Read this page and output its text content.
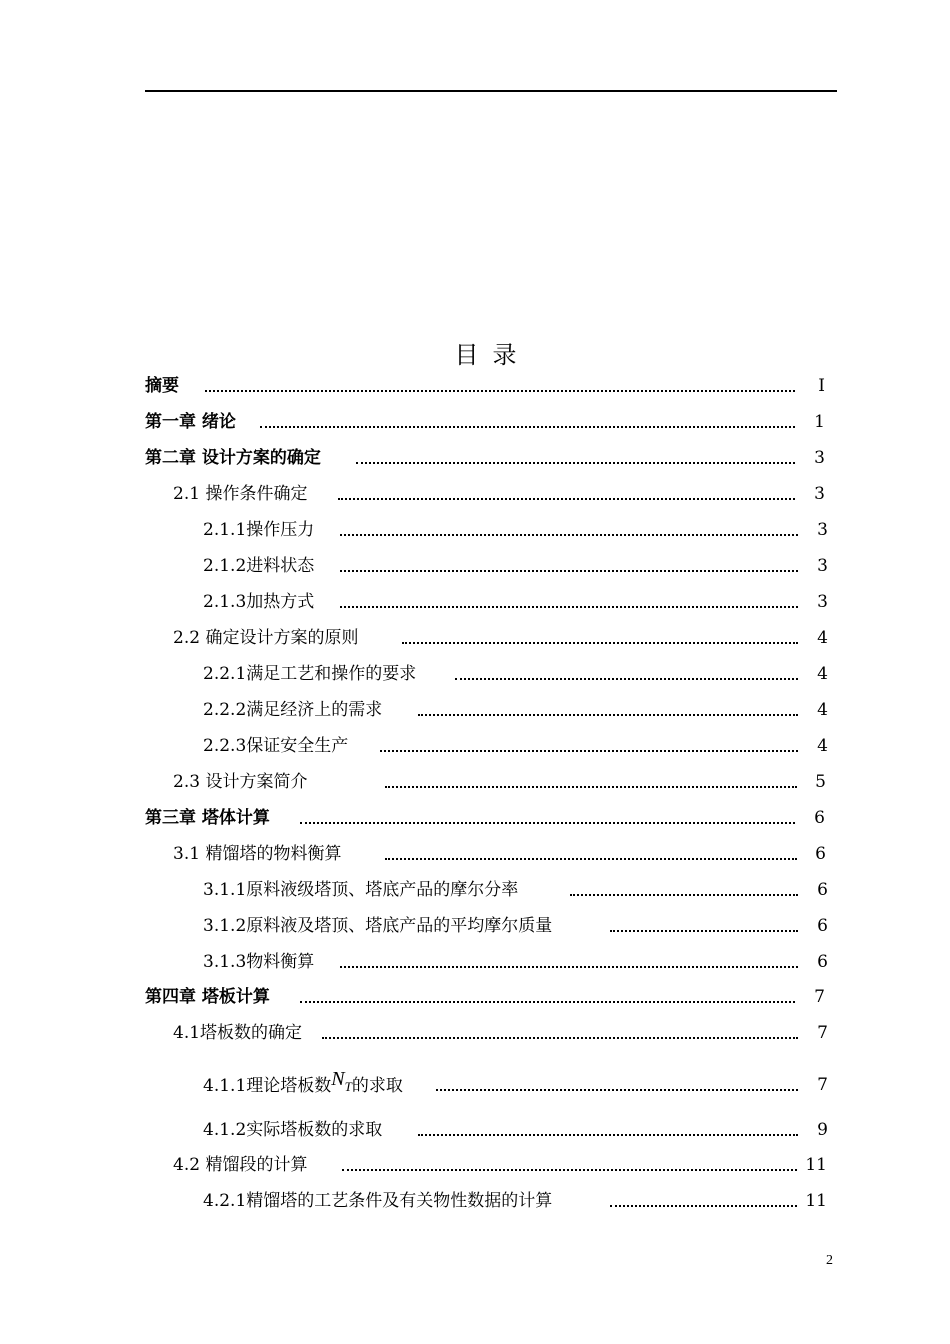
目录
摘要	I
第一章 绪论	1
第二章 设计方案的确定	3
2.1 操作条件确定	3
2.1.1操作压力	3
2.1.2进料状态	3
2.1.3加热方式	3
2.2 确定设计方案的原则	4
2.2.1满足工艺和操作的要求	4
2.2.2满足经济上的需求	4
2.2.3保证安全生产	4
2.3 设计方案简介	5
第三章 塔体计算	6
3.1 精馏塔的物料衡算	6
3.1.1原料液级塔顶、塔底产品的摩尔分率	6
3.1.2原料液及塔顶、塔底产品的平均摩尔质量	6
3.1.3物料衡算	6
第四章 塔板计算	7
4.1塔板数的确定	7
4.1.1理论塔板数NT的求取	7
4.1.2实际塔板数的求取	9
4.2 精馏段的计算	11
4.2.1精馏塔的工艺条件及有关物性数据的计算	11
2
